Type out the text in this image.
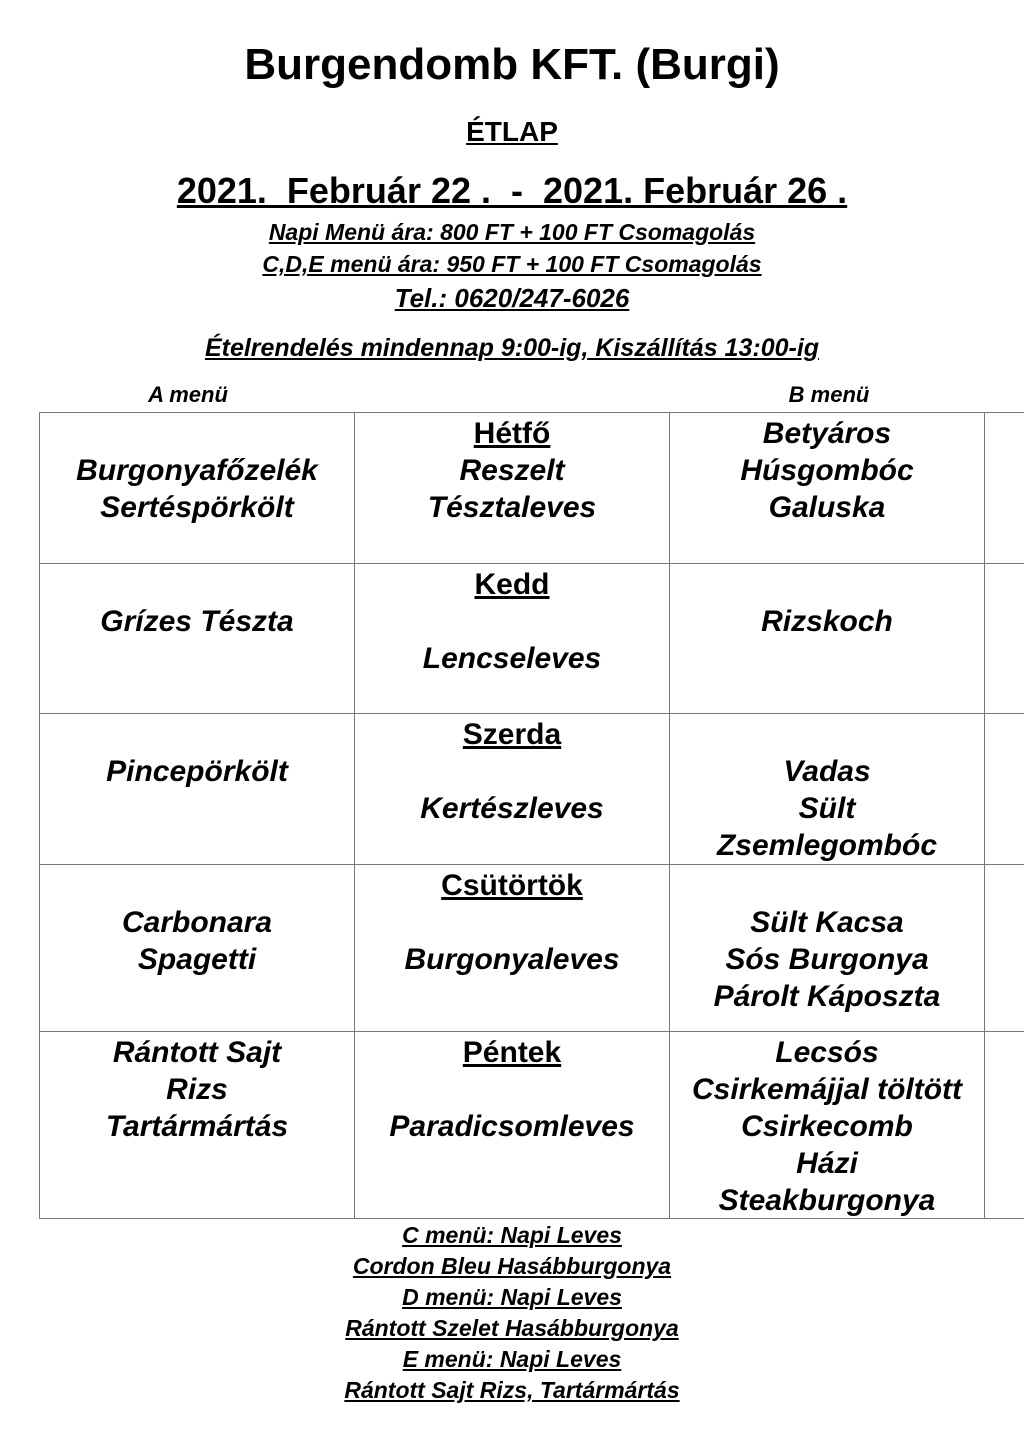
Burgendomb KFT. (Burgi)
ÉTLAP
2021.  Február 22 .  -  2021. Február 26 .
Napi Menü ára: 800 FT + 100 FT Csomagolás
C,D,E menü ára: 950 FT + 100 FT Csomagolás
Tel.: 0620/247-6026
Ételrendelés mindennap 9:00-ig, Kiszállítás 13:00-ig
A menü	B menü
Burgonyafőzelék
Sertéspörkölt
Hétfő
Reszelt
Tésztaleves
Betyáros
Húsgombóc
Galuska
Grízes Tészta
Kedd
Lencseleves
Rizskoch
Pincepörkölt
Szerda
Kertészleves
Vadas
Sült
Zsemlegombóc
Carbonara
Spagetti
Csütörtök
Burgonyaleves
Sült Kacsa
Sós Burgonya
Párolt Káposzta
Rántott Sajt
Rizs
Tartármártás
Péntek
Paradicsomleves
Lecsós
Csirkemájjal töltött
Csirkecomb
Házi
Steakburgonya
C menü: Napi Leves
Cordon Bleu Hasábburgonya
D menü: Napi Leves
Rántott Szelet Hasábburgonya
E menü: Napi Leves
Rántott Sajt Rizs, Tartármártás
